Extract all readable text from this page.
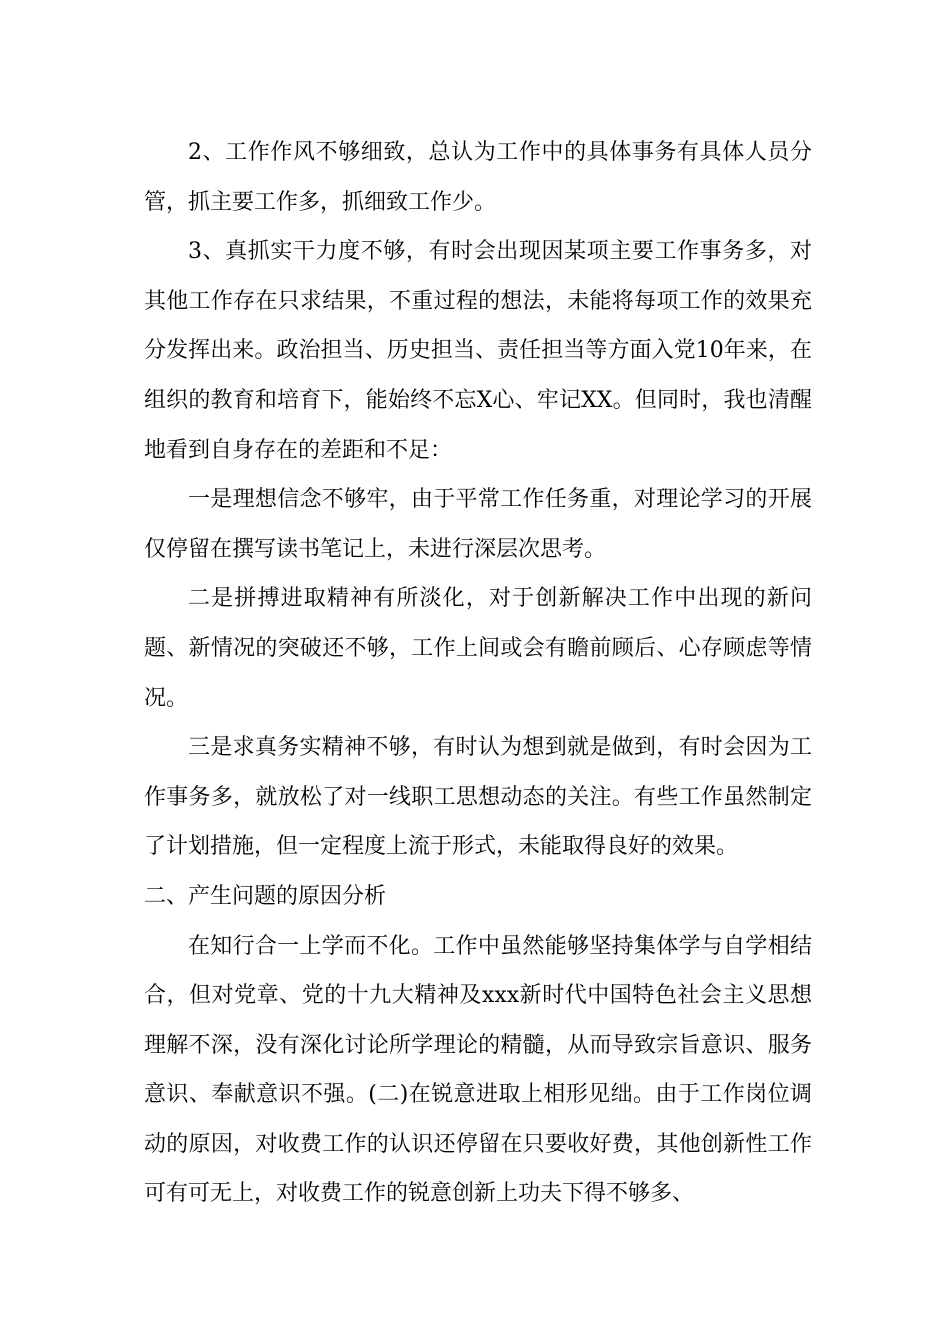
2、工作作风不够细致，总认为工作中的具体事务有具体人员分管，抓主要工作多，抓细致工作少。

3、真抓实干力度不够，有时会出现因某项主要工作事务多，对其他工作存在只求结果，不重过程的想法，未能将每项工作的效果充分发挥出来。政治担当、历史担当、责任担当等方面入党10年来，在组织的教育和培育下，能始终不忘X心、牢记XX。但同时，我也清醒地看到自身存在的差距和不足：

一是理想信念不够牢，由于平常工作任务重，对理论学习的开展仅停留在撰写读书笔记上，未进行深层次思考。

二是拼搏进取精神有所淡化，对于创新解决工作中出现的新问题、新情况的突破还不够，工作上间或会有瞻前顾后、心存顾虑等情况。

三是求真务实精神不够，有时认为想到就是做到，有时会因为工作事务多，就放松了对一线职工思想动态的关注。有些工作虽然制定了计划措施，但一定程度上流于形式，未能取得良好的效果。

二、产生问题的原因分析

在知行合一上学而不化。工作中虽然能够坚持集体学与自学相结合，但对党章、党的十九大精神及xxx新时代中国特色社会主义思想理解不深，没有深化讨论所学理论的精髓，从而导致宗旨意识、服务意识、奉献意识不强。(二)在锐意进取上相形见绌。由于工作岗位调动的原因，对收费工作的认识还停留在只要收好费，其他创新性工作可有可无上，对收费工作的锐意创新上功夫下得不够多、
